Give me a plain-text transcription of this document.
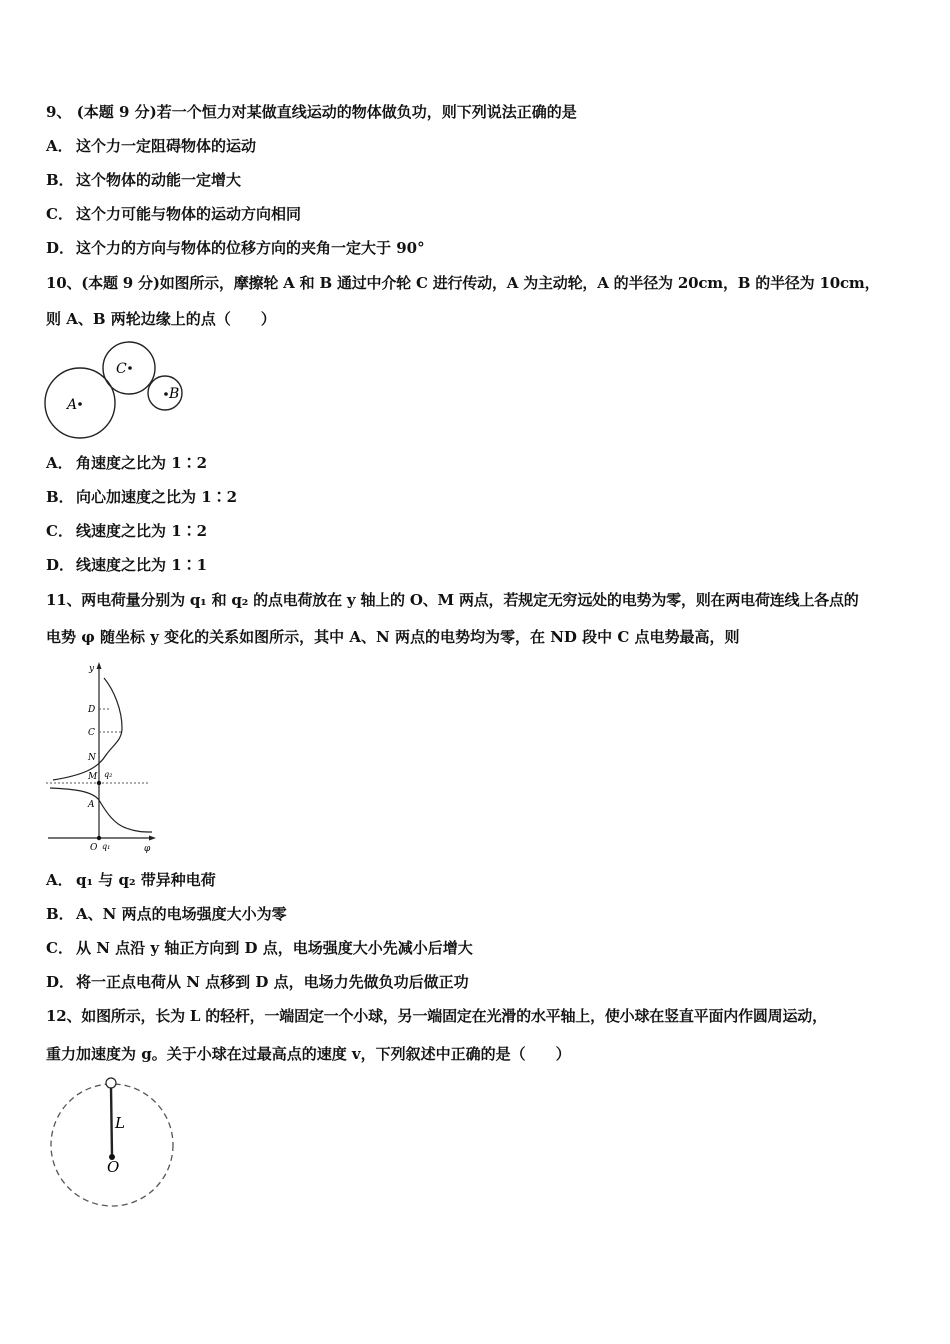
9、 (本题 9 分)若一个恒力对某做直线运动的物体做负功，则下列说法正确的是
A． 这个力一定阻碍物体的运动
B． 这个物体的动能一定增大
C． 这个力可能与物体的运动方向相同
D． 这个力的方向与物体的位移方向的夹角一定大于 90°
10、(本题 9 分)如图所示，摩擦轮 A 和 B 通过中介轮 C 进行传动，A 为主动轮，A 的半径为 20cm，B 的半径为 10cm，
则 A、B 两轮边缘上的点（　　）
A
C
B
A． 角速度之比为 1∶2
B． 向心加速度之比为 1∶2
C． 线速度之比为 1∶2
D． 线速度之比为 1∶1
11、两电荷量分别为 q₁ 和 q₂ 的点电荷放在 y 轴上的 O、M 两点，若规定无穷远处的电势为零，则在两电荷连线上各点的
电势 φ 随坐标 y 变化的关系如图所示，其中 A、N 两点的电势均为零，在 ND 段中 C 点电势最高，则
y
D
C
N
M q₂
A
O q₁	φ
A． q₁ 与 q₂ 带异种电荷
B． A、N 两点的电场强度大小为零
C． 从 N 点沿 y 轴正方向到 D 点，电场强度大小先减小后增大
D． 将一正点电荷从 N 点移到 D 点，电场力先做负功后做正功
12、如图所示，长为 L 的轻杆，一端固定一个小球，另一端固定在光滑的水平轴上，使小球在竖直平面内作圆周运动，
重力加速度为 g。关于小球在过最高点的速度 v，下列叙述中正确的是（　　）
L
O
